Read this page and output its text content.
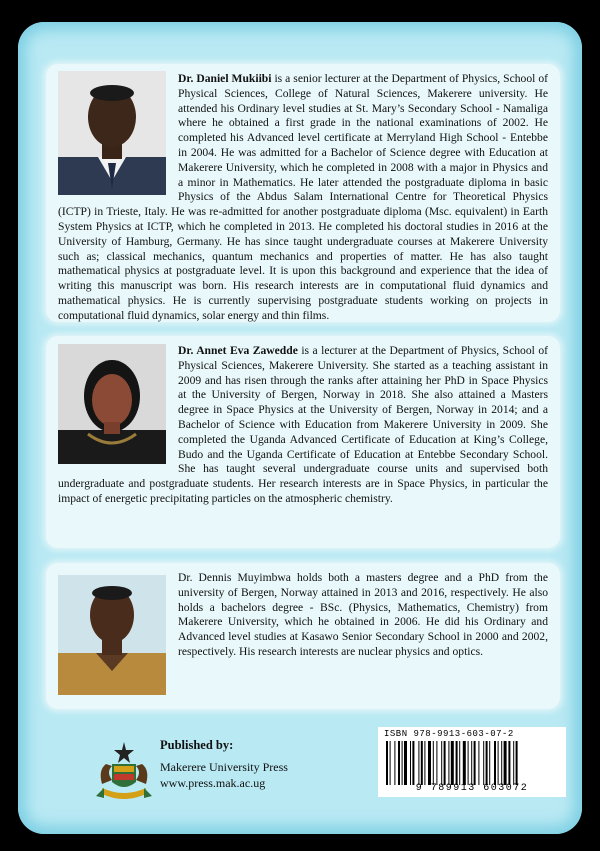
Dr. Daniel Mukiibi is a senior lecturer at the Department of Physics, School of Physical Sciences, College of Natural Sciences, Makerere university. He attended his Ordinary level studies at St. Mary’s Secondary School - Namaliga where he obtained a first grade in the national examinations of 2002. He completed his Advanced level certificate at Merryland High School - Entebbe in 2004. He was admitted for a Bachelor of Science degree with Education at Makerere University, which he completed in 2008 with a major in Physics and a minor in Mathematics. He later attended the postgraduate diploma in basic Physics of the Abdus Salam International Centre for Theoretical Physics (ICTP) in Trieste, Italy. He was re-admitted for another postgraduate diploma (Msc. equivalent) in Earth System Physics at ICTP, which he completed in 2013. He completed his doctoral studies in 2016 at the University of Hamburg, Germany. He has since taught undergraduate courses at Makerere University such as; classical mechanics, quantum mechanics and properties of matter. He has also taught mathematical physics at postgraduate level. It is upon this background and experience that the idea of writing this manuscript was born. His research interests are in computational fluid dynamics and mathematical physics. He is currently supervising postgraduate students working on projects in computational fluid dynamics, solar energy and thin films.
Dr. Annet Eva Zawedde is a lecturer at the Department of Physics, School of Physical Sciences, Makerere University. She started as a teaching assistant in 2009 and has risen through the ranks after attaining her PhD in Space Physics at the University of Bergen, Norway in 2018. She also attained a Masters degree in Space Physics at the University of Bergen, Norway in 2014; and a Bachelor of Science with Education from Makerere University in 2009. She completed the Uganda Advanced Certificate of Education at King’s College, Budo and the Uganda Certificate of Education at Entebbe Secondary School. She has taught several undergraduate course units and supervised both undergraduate and postgraduate students. Her research interests are in Space Physics, in particular the impact of energetic precipitating particles on the atmospheric chemistry.
Dr. Dennis Muyimbwa holds both a masters degree and a PhD from the university of Bergen, Norway attained in 2013 and 2016, respectively. He also holds a bachelors degree - BSc. (Physics, Mathematics, Chemistry) from Makerere University, which he obtained in 2006. He did his Ordinary and Advanced level studies at Kasawo Senior Secondary School in 2000 and 2002, respectively. His research interests are nuclear physics and optics.
Published by:
Makerere University Press
www.press.mak.ac.ug
ISBN 978-9913-603-07-2
9 789913 603072
